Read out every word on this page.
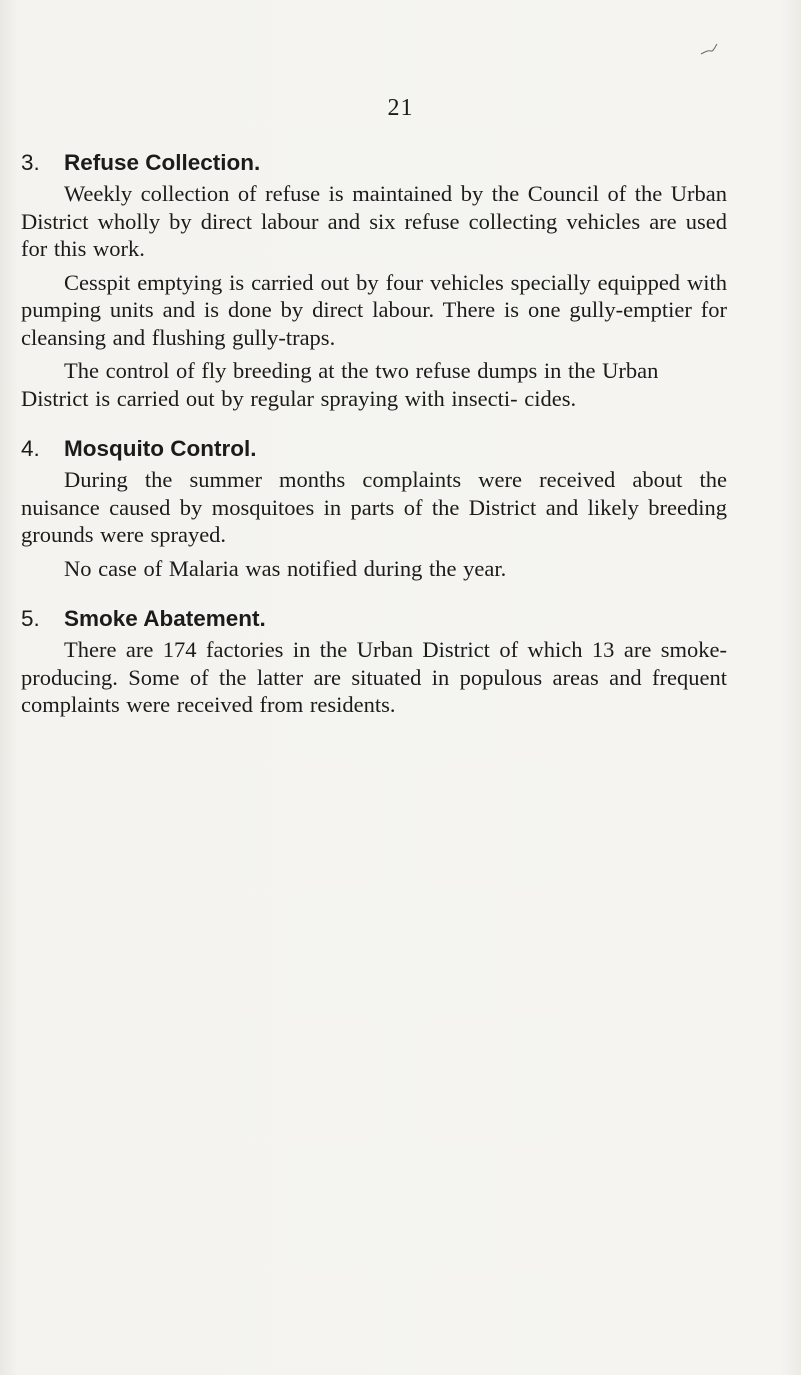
21
3.	Refuse Collection.

Weekly collection of refuse is maintained by the Council of the Urban District wholly by direct labour and six refuse collecting vehicles are used for this work.

Cesspit emptying is carried out by four vehicles specially equipped with pumping units and is done by direct labour. There is one gully-emptier for cleansing and flushing gully-traps.

The control of fly breeding at the two refuse dumps in the Urban District is carried out by regular spraying with insecti- cides.

4.	Mosquito Control.

During the summer months complaints were received about the nuisance caused by mosquitoes in parts of the District and likely breeding grounds were sprayed.

No case of Malaria was notified during the year.

5.	Smoke Abatement.

There are 174 factories in the Urban District of which 13 are smoke-producing. Some of the latter are situated in populous areas and frequent complaints were received from residents.
